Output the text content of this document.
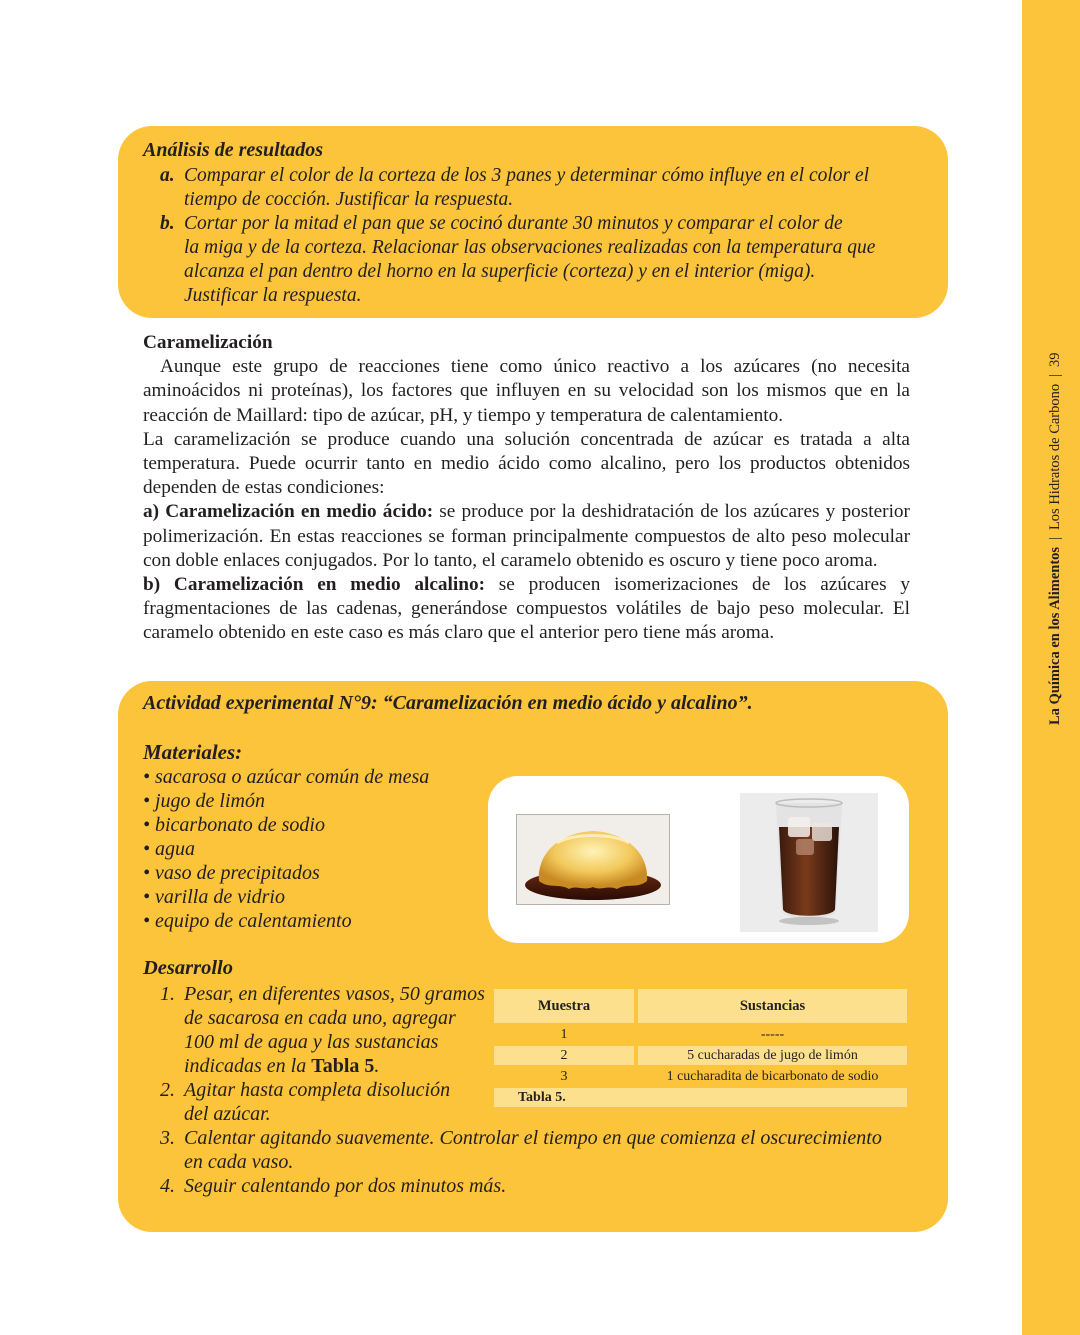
La Química en los Alimentos|Los Hidratos de Carbono|39
Análisis de resultados
a. Comparar el color de la corteza de los 3 panes y determinar cómo influye en el color el
tiempo de cocción. Justificar la respuesta.
b. Cortar por la mitad el pan que se cocinó durante 30 minutos y comparar el color de
la miga y de la corteza. Relacionar las observaciones realizadas con la temperatura que
alcanza el pan dentro del horno en la superficie (corteza) y en el interior (miga).
Justificar la respuesta.

Caramelización

Aunque este grupo de reacciones tiene como único reactivo a los azúcares (no necesita aminoácidos ni proteínas), los factores que influyen en su velocidad son los mismos que en la reacción de Maillard: tipo de azúcar, pH, y tiempo y temperatura de calentamiento.

La caramelización se produce cuando una solución concentrada de azúcar es tratada a alta temperatura. Puede ocurrir tanto en medio ácido como alcalino, pero los productos obtenidos dependen de estas condiciones:

a) Caramelización en medio ácido: se produce por la deshidratación de los azúcares y posterior polimerización. En estas reacciones se forman principalmente compuestos de alto peso molecular con doble enlaces conjugados. Por lo tanto, el caramelo obtenido es oscuro y tiene poco aroma.

b) Caramelización en medio alcalino: se producen isomerizaciones de los azúcares y fragmentaciones de las cadenas, generándose compuestos volátiles de bajo peso molecular. El caramelo obtenido en este caso es más claro que el anterior pero tiene más aroma.

Actividad experimental N°9: “Caramelización en medio ácido y alcalino”.
Materiales:
• sacarosa o azúcar común de mesa
• jugo de limón
• bicarbonato de sodio
• agua
• vaso de precipitados
• varilla de vidrio
• equipo de calentamiento
Desarrollo
1. Pesar, en diferentes vasos, 50 gramos
de sacarosa en cada uno, agregar
100 ml de agua y las sustancias
indicadas en la Tabla 5.
2. Agitar hasta completa disolución
del azúcar.
3. Calentar agitando suavemente. Controlar el tiempo en que comienza el oscurecimiento
en cada vaso.
4. Seguir calentando por dos minutos más.
Muestra	Sustancias
1	-----
2	5 cucharadas de jugo de limón
3	1 cucharadita de bicarbonato de sodio
Tabla 5.	
